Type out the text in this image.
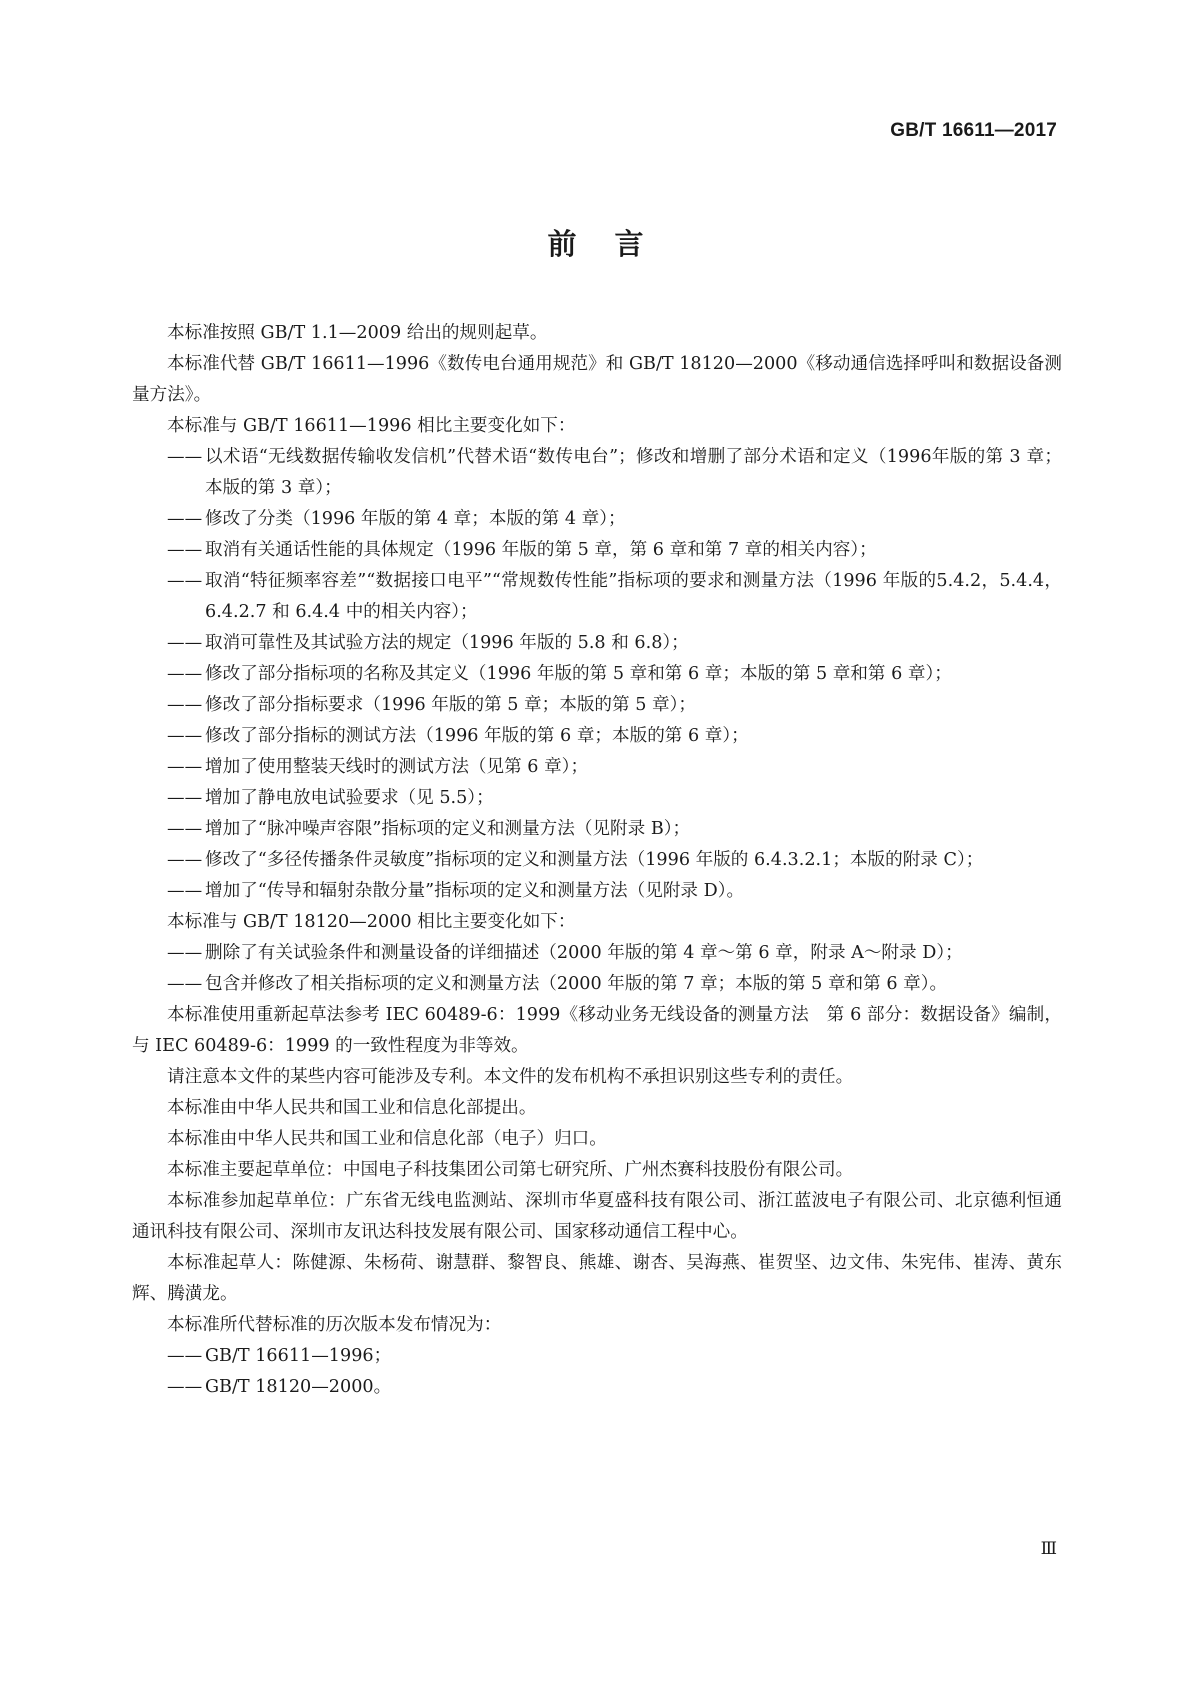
GB/T 16611—2017
前言

本标准按照 GB/T 1.1—2009 给出的规则起草。

本标准代替 GB/T 16611—1996《数传电台通用规范》和 GB/T 18120—2000《移动通信选择呼叫和数据设备测量方法》。

本标准与 GB/T 16611—1996 相比主要变化如下：

—— 以术语“无线数据传输收发信机”代替术语“数传电台”；修改和增删了部分术语和定义（1996年版的第 3 章；本版的第 3 章）；
—— 修改了分类（1996 年版的第 4 章；本版的第 4 章）；
—— 取消有关通话性能的具体规定（1996 年版的第 5 章，第 6 章和第 7 章的相关内容）；
—— 取消“特征频率容差”“数据接口电平”“常规数传性能”指标项的要求和测量方法（1996 年版的5.4.2，5.4.4，6.4.2.7 和 6.4.4 中的相关内容）；
—— 取消可靠性及其试验方法的规定（1996 年版的 5.8 和 6.8）；
—— 修改了部分指标项的名称及其定义（1996 年版的第 5 章和第 6 章；本版的第 5 章和第 6 章）；
—— 修改了部分指标要求（1996 年版的第 5 章；本版的第 5 章）；
—— 修改了部分指标的测试方法（1996 年版的第 6 章；本版的第 6 章）；
—— 增加了使用整装天线时的测试方法（见第 6 章）；
—— 增加了静电放电试验要求（见 5.5）；
—— 增加了“脉冲噪声容限”指标项的定义和测量方法（见附录 B）；
—— 修改了“多径传播条件灵敏度”指标项的定义和测量方法（1996 年版的 6.4.3.2.1；本版的附录 C）；
—— 增加了“传导和辐射杂散分量”指标项的定义和测量方法（见附录 D）。

本标准与 GB/T 18120—2000 相比主要变化如下：

—— 删除了有关试验条件和测量设备的详细描述（2000 年版的第 4 章～第 6 章，附录 A～附录 D）；
—— 包含并修改了相关指标项的定义和测量方法（2000 年版的第 7 章；本版的第 5 章和第 6 章）。

本标准使用重新起草法参考 IEC 60489-6：1999《移动业务无线设备的测量方法　第 6 部分：数据设备》编制，与 IEC 60489-6：1999 的一致性程度为非等效。

请注意本文件的某些内容可能涉及专利。本文件的发布机构不承担识别这些专利的责任。

本标准由中华人民共和国工业和信息化部提出。

本标准由中华人民共和国工业和信息化部（电子）归口。

本标准主要起草单位：中国电子科技集团公司第七研究所、广州杰赛科技股份有限公司。

本标准参加起草单位：广东省无线电监测站、深圳市华夏盛科技有限公司、浙江蓝波电子有限公司、北京德利恒通通讯科技有限公司、深圳市友讯达科技发展有限公司、国家移动通信工程中心。

本标准起草人：陈健源、朱杨荷、谢慧群、黎智良、熊雄、谢杏、吴海燕、崔贺坚、边文伟、朱宪伟、崔涛、黄东辉、腾潢龙。

本标准所代替标准的历次版本发布情况为：

—— GB/T 16611—1996；
—— GB/T 18120—2000。
Ⅲ
